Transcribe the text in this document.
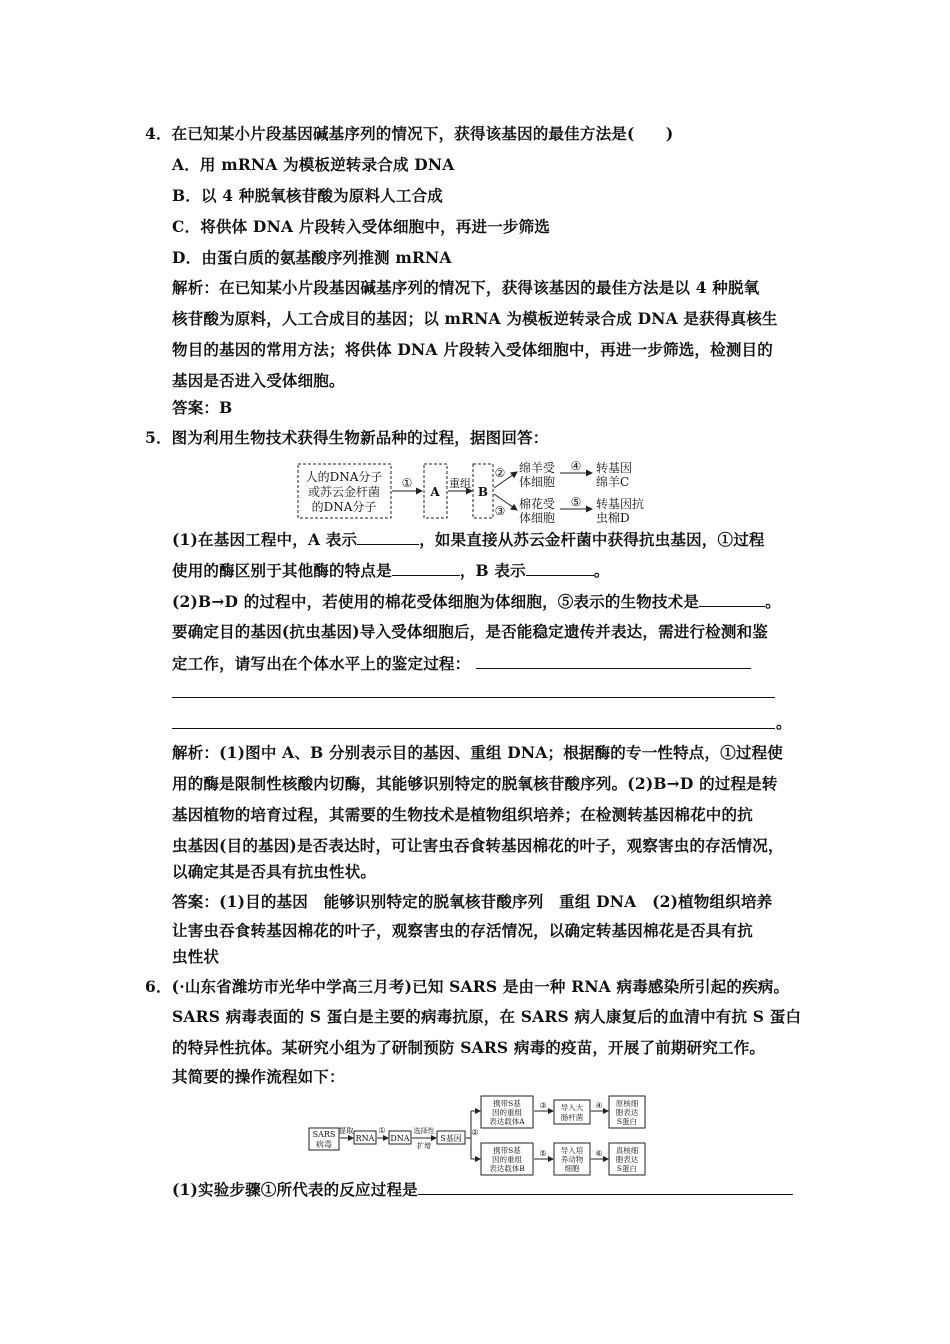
4．在已知某小片段基因碱基序列的情况下，获得该基因的最佳方法是(　　)
A．用 mRNA 为模板逆转录合成 DNA
B．以 4 种脱氧核苷酸为原料人工合成
C．将供体 DNA 片段转入受体细胞中，再进一步筛选
D．由蛋白质的氨基酸序列推测 mRNA
解析：在已知某小片段基因碱基序列的情况下，获得该基因的最佳方法是以 4 种脱氧
核苷酸为原料，人工合成目的基因；以 mRNA 为模板逆转录合成 DNA 是获得真核生
物目的基因的常用方法；将供体 DNA 片段转入受体细胞中，再进一步筛选，检测目的
基因是否进入受体细胞。
答案：B
5．图为利用生物技术获得生物新品种的过程，据图回答：
人的DNA分子
或苏云金杆菌
的DNA分子
①
A
重组
B
②
③
绵羊受
体细胞
棉花受
体细胞
④
⑤
转基因
绵羊C
转基因抗
虫棉D
(1)在基因工程中，A 表示	，如果直接从苏云金杆菌中获得抗虫基因，①过程
使用的酶区别于其他酶的特点是	，B 表示	。
(2)B→D 的过程中，若使用的棉花受体细胞为体细胞，⑤表示的生物技术是	。
要确定目的基因(抗虫基因)导入受体细胞后，是否能稳定遗传并表达，需进行检测和鉴
定工作，请写出在个体水平上的鉴定过程：
。
解析：(1)图中 A、B 分别表示目的基因、重组 DNA；根据酶的专一性特点，①过程使
用的酶是限制性核酸内切酶，其能够识别特定的脱氧核苷酸序列。(2)B→D 的过程是转
基因植物的培育过程，其需要的生物技术是植物组织培养；在检测转基因棉花中的抗
虫基因(目的基因)是否表达时，可让害虫吞食转基因棉花的叶子，观察害虫的存活情况，
以确定其是否具有抗虫性状。
答案：(1)目的基因　能够识别特定的脱氧核苷酸序列　重组 DNA　(2)植物组织培养
让害虫吞食转基因棉花的叶子，观察害虫的存活情况，以确定转基因棉花是否具有抗
虫性状
6．(·山东省潍坊市光华中学高三月考)已知 SARS 是由一种 RNA 病毒感染所引起的疾病。
SARS 病毒表面的 S 蛋白是主要的病毒抗原，在 SARS 病人康复后的血清中有抗 S 蛋白
的特异性抗体。某研究小组为了研制预防 SARS 病毒的疫苗，开展了前期研究工作。
其简要的操作流程如下：
SARS
病毒
提取
RNA
①
DNA
选择性
扩增
S基因
②
携带S基
因的重组
表达载体A
携带S基
因的重组
表达载体B
③
⑤
导入大
肠杆菌
导入培
养动物
细胞
④
⑥
原核细
胞表达
S蛋白
真核细
胞表达
S蛋白
(1)实验步骤①所代表的反应过程是
